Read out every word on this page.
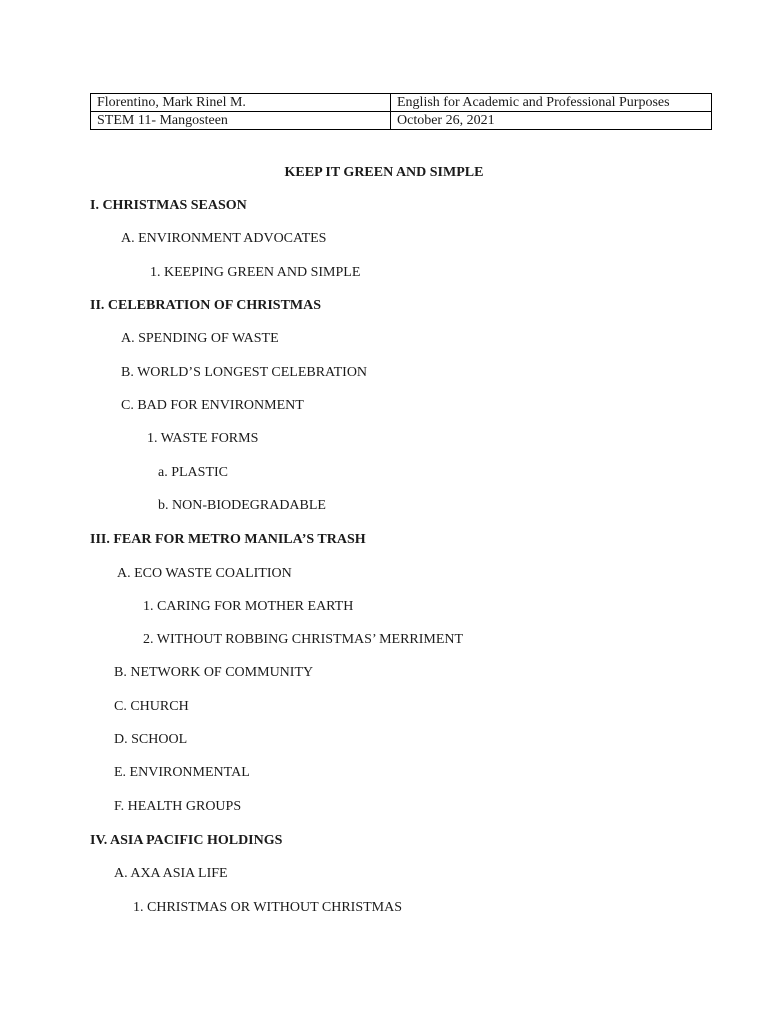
Florentino, Mark Rinel M.	English for Academic and Professional Purposes
STEM 11- Mangosteen	October 26, 2021
KEEP IT GREEN AND SIMPLE
I. CHRISTMAS SEASON
A. ENVIRONMENT ADVOCATES
1. KEEPING GREEN AND SIMPLE
II. CELEBRATION OF CHRISTMAS
A. SPENDING OF WASTE
B. WORLD’S LONGEST CELEBRATION
C. BAD FOR ENVIRONMENT
1. WASTE FORMS
a. PLASTIC
b. NON-BIODEGRADABLE
III. FEAR FOR METRO MANILA’S TRASH
A. ECO WASTE COALITION
1. CARING FOR MOTHER EARTH
2. WITHOUT ROBBING CHRISTMAS’ MERRIMENT
B. NETWORK OF COMMUNITY
C. CHURCH
D. SCHOOL
E. ENVIRONMENTAL
F. HEALTH GROUPS
IV. ASIA PACIFIC HOLDINGS
A. AXA ASIA LIFE
1. CHRISTMAS OR WITHOUT CHRISTMAS
